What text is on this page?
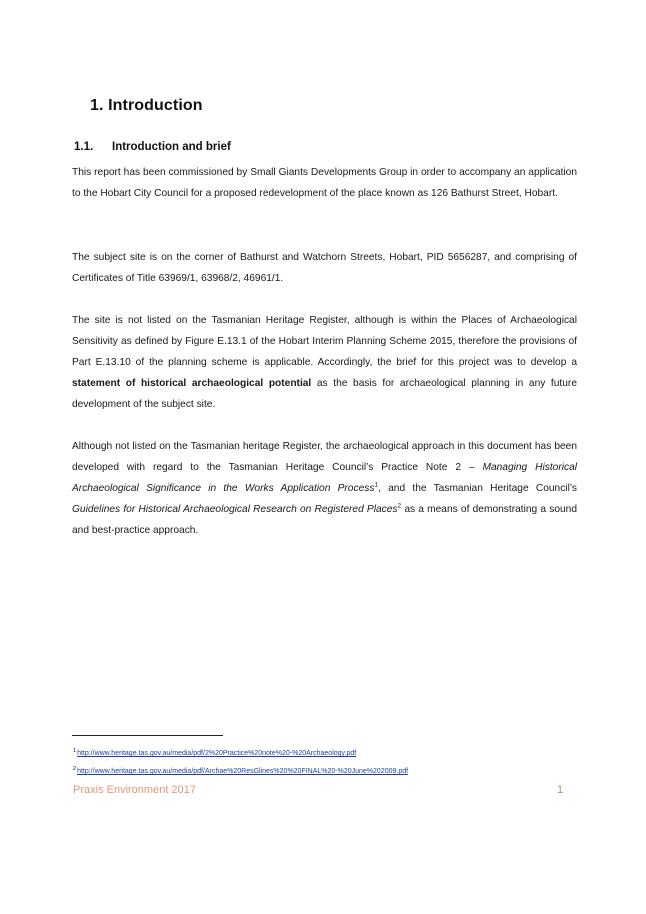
1. Introduction
1.1. Introduction and brief
This report has been commissioned by Small Giants Developments Group in order to accompany an application to the Hobart City Council for a proposed redevelopment of the place known as 126 Bathurst Street, Hobart.
The subject site is on the corner of Bathurst and Watchorn Streets, Hobart, PID 5656287, and comprising of Certificates of Title 63969/1, 63968/2, 46961/1.
The site is not listed on the Tasmanian Heritage Register, although is within the Places of Archaeological Sensitivity as defined by Figure E.13.1 of the Hobart Interim Planning Scheme 2015, therefore the provisions of Part E.13.10 of the planning scheme is applicable. Accordingly, the brief for this project was to develop a statement of historical archaeological potential as the basis for archaeological planning in any future development of the subject site.
Although not listed on the Tasmanian heritage Register, the archaeological approach in this document has been developed with regard to the Tasmanian Heritage Council’s Practice Note 2 – Managing Historical Archaeological Significance in the Works Application Process$^1$, and the Tasmanian Heritage Council’s Guidelines for Historical Archaeological Research on Registered Places$^2$ as a means of demonstrating a sound and best-practice approach.
$^1$http://www.heritage.tas.gov.au/media/pdf/2%20Practice%20note%20-%20Archaeology.pdf
$^2$http://www.heritage.tas.gov.au/media/pdf/Archae%20ResGlines%20%20FINAL%20-%20June%202009.pdf
Praxis Environment 2017	1
